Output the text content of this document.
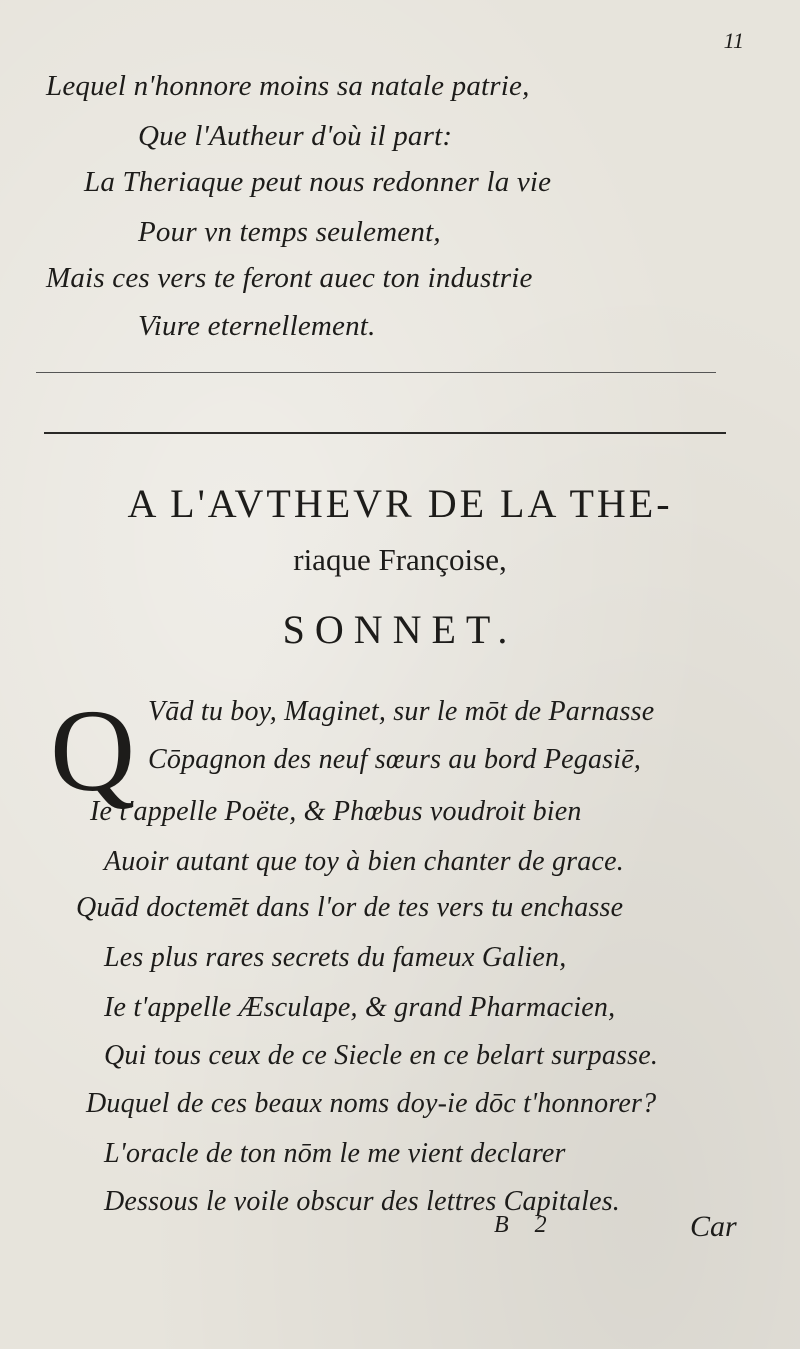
11
Lequel n'honnore moins sa natale patrie,
Que l'Autheur d'où il part:
La Theriaque peut nous redonner la vie
Pour vn temps seulement,
Mais ces vers te feront auec ton industrie
Viure eternellement.
A L'AVTHEVR DE LA THE-
riaque Françoise,
SONNET.
Q Vād tu boy, Maginet, sur le mōt de Parnasse
Cōpagnon des neuf sœurs au bord Pegasiē,
Ie t'appelle Poëte, & Phœbus voudroit bien
Auoir autant que toy à bien chanter de grace.
Quād doctemēt dans l'or de tes vers tu enchasse
Les plus rares secrets du fameux Galien,
Ie t'appelle Æsculape, & grand Pharmacien,
Qui tous ceux de ce Siecle en ce belart surpasse.
Duquel de ces beaux noms doy-ie dōc t'honnorer?
L'oracle de ton nōm le me vient declarer
Dessous le voile obscur des lettres Capitales.
B 2	Car
